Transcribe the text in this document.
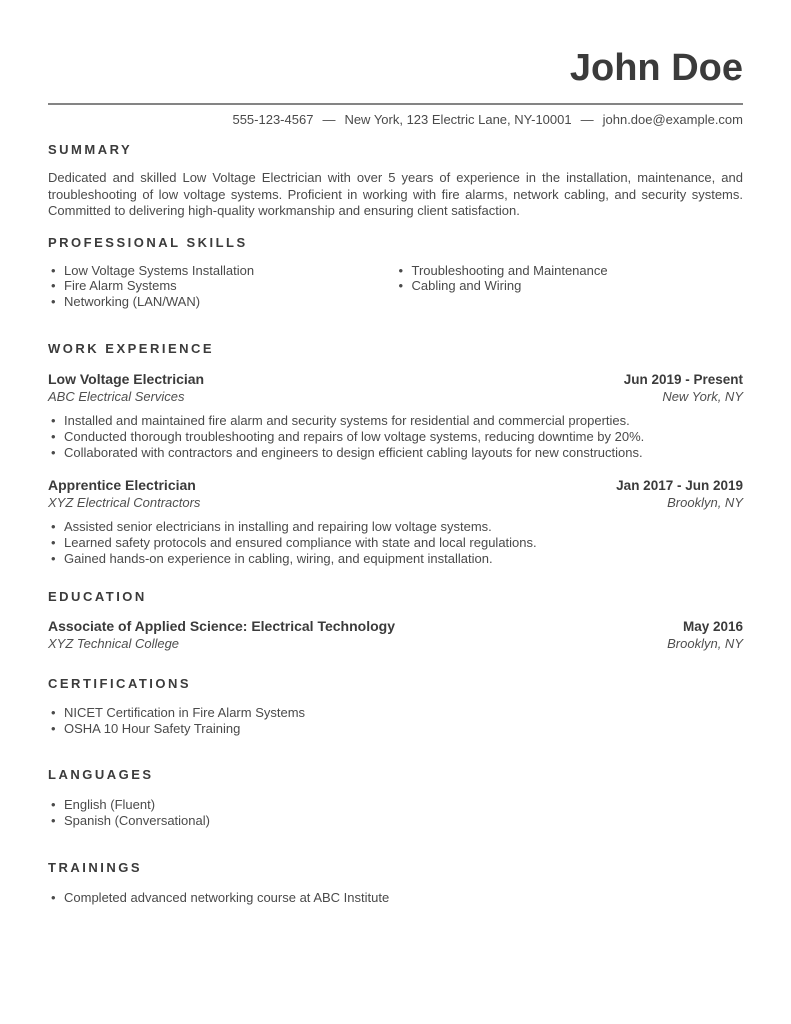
John Doe
555-123-4567 — New York, 123 Electric Lane, NY-10001 — john.doe@example.com
SUMMARY

Dedicated and skilled Low Voltage Electrician with over 5 years of experience in the installation, maintenance, and troubleshooting of low voltage systems. Proficient in working with fire alarms, network cabling, and security systems. Committed to delivering high-quality workmanship and ensuring client satisfaction.

PROFESSIONAL SKILLS
• Low Voltage Systems Installation
• Fire Alarm Systems
• Networking (LAN/WAN)
• Troubleshooting and Maintenance
• Cabling and Wiring
WORK EXPERIENCE
Low Voltage Electrician	Jun 2019 - Present
ABC Electrical Services	New York, NY
• Installed and maintained fire alarm and security systems for residential and commercial properties.
• Conducted thorough troubleshooting and repairs of low voltage systems, reducing downtime by 20%.
• Collaborated with contractors and engineers to design efficient cabling layouts for new constructions.
Apprentice Electrician	Jan 2017 - Jun 2019
XYZ Electrical Contractors	Brooklyn, NY
• Assisted senior electricians in installing and repairing low voltage systems.
• Learned safety protocols and ensured compliance with state and local regulations.
• Gained hands-on experience in cabling, wiring, and equipment installation.
EDUCATION
Associate of Applied Science: Electrical Technology	May 2016
XYZ Technical College	Brooklyn, NY
CERTIFICATIONS
• NICET Certification in Fire Alarm Systems
• OSHA 10 Hour Safety Training
LANGUAGES
• English (Fluent)
• Spanish (Conversational)
TRAININGS
• Completed advanced networking course at ABC Institute
